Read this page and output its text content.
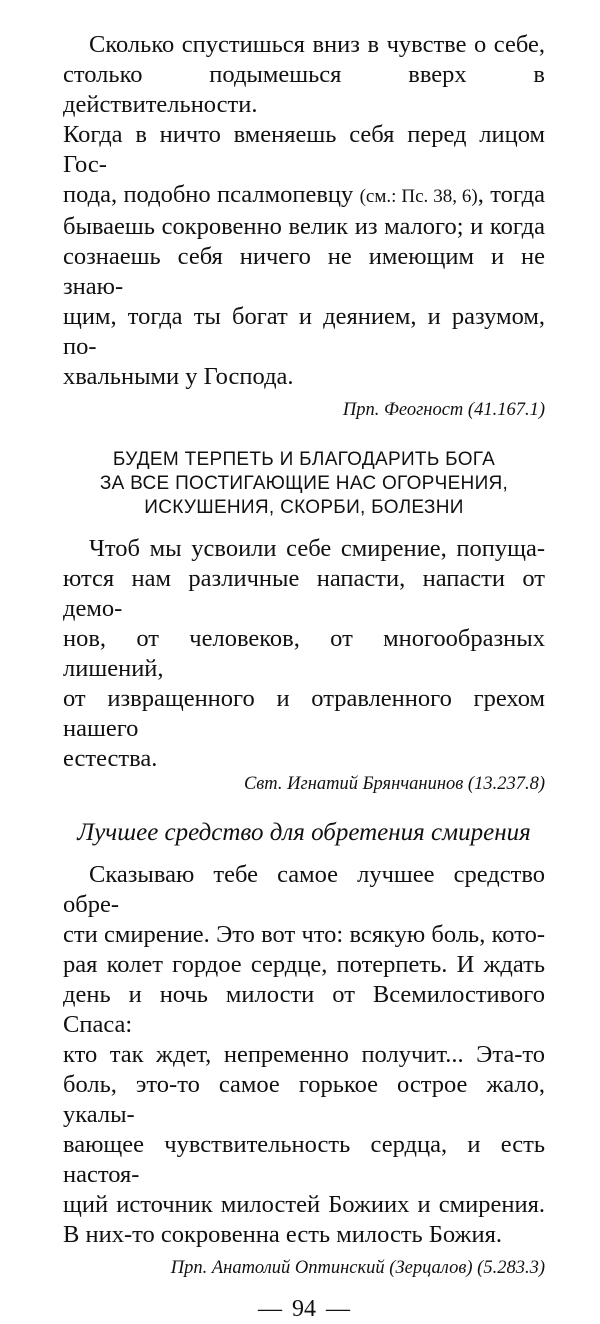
Сколько спустишься вниз в чувстве о себе,
столько подымешься вверх в действительности.
Когда в ничто вменяешь себя перед лицом Гос-
пода, подобно псалмопевцу (см.: Пс. 38, 6), тогда
бываешь сокровенно велик из малого; и когда
сознаешь себя ничего не имеющим и не знаю-
щим, тогда ты богат и деянием, и разумом, по-
хвальными у Господа.

Прп. Феогност (41.167.1)

БУДЕМ ТЕРПЕТЬ И БЛАГОДАРИТЬ БОГА
ЗА ВСЕ ПОСТИГАЮЩИЕ НАС ОГОРЧЕНИЯ,
ИСКУШЕНИЯ, СКОРБИ, БОЛЕЗНИ
Чтоб мы усвоили себе смирение, попуща-
ются нам различные напасти, напасти от демо-
нов, от человеков, от многообразных лишений,
от извращенного и отравленного грехом нашего
естества.

Свт. Игнатий Брянчанинов (13.237.8)

Лучшее средство для обретения смирения
Сказываю тебе самое лучшее средство обре-
сти смирение. Это вот что: всякую боль, кото-
рая колет гордое сердце, потерпеть. И ждать
день и ночь милости от Всемилостивого Спаса:
кто так ждет, непременно получит... Эта-то
боль, это-то самое горькое острое жало, укалы-
вающее чувствительность сердца, и есть настоя-
щий источник милостей Божиих и смирения.
В них-то сокровенна есть милость Божия.

Прп. Анатолий Оптинский (Зерцалов) (5.283.3)

— 94 —
